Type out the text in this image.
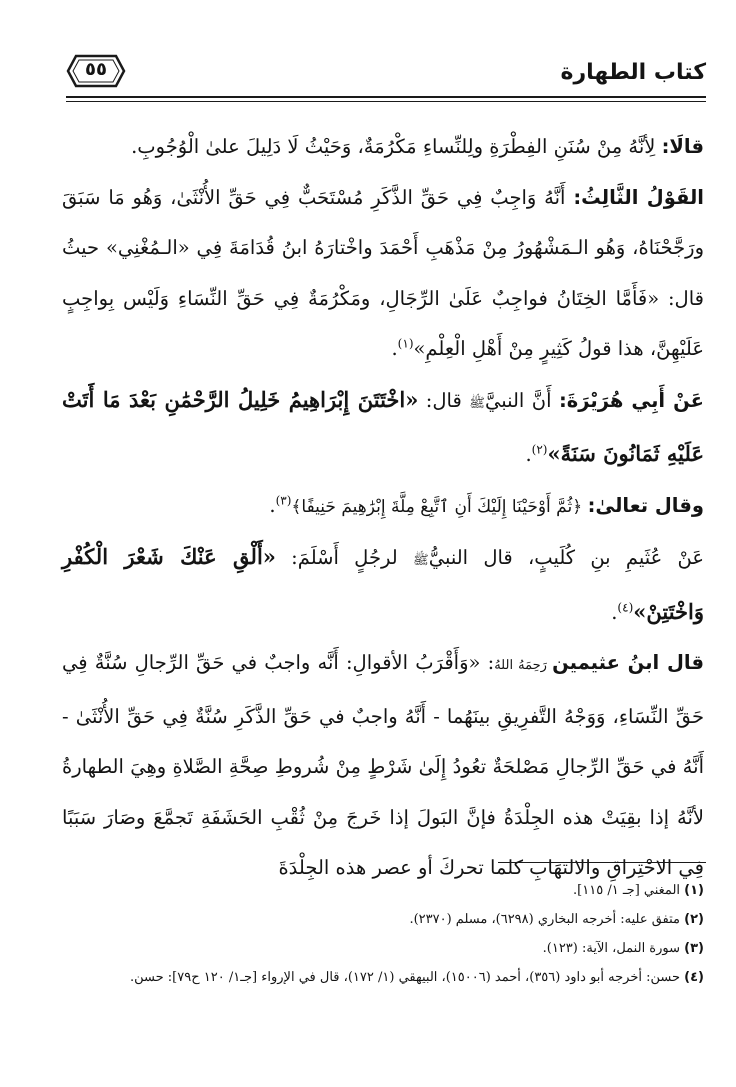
كتاب الطهارة
٥٥

قالَا: لِأنَّهُ مِنْ سُنَنِ الفِطْرَةِ ولِلنِّساءِ مَكْرُمَةٌ، وَحَيْثُ لَا دَلِيلَ علىٰ الْوُجُوبِ.

القَوْلُ الثَّالِثُ: أَنَّهُ وَاجِبٌ فِي حَقِّ الذَّكَرِ مُسْتَحَبٌّ فِي حَقِّ الأُنْثَىٰ، وَهُو مَا سَبَقَ ورَجَّحْنَاهُ، وَهُو الـمَشْهُورُ مِنْ مَذْهَبِ أَحْمَدَ واخْتارَهُ ابنُ قُدَامَةَ فِي «الـمُغْنِي» حيثُ قال: «فَأَمَّا الخِتَانُ فواجِبٌ عَلَىٰ الرِّجَالِ، ومَكْرُمَةٌ فِي حَقِّ النِّسَاءِ وَلَيْس بِواجِبٍ عَلَيْهِنَّ، هذا قولُ كَثِيرٍ مِنْ أَهْلِ الْعِلْمِ»$^{(١)}$.

عَنْ أَبِي هُرَيْرَةَ: أَنَّ النبيَّﷺ قال: «اخْتَتَنَ إِبْرَاهِيمُ خَلِيلُ الرَّحْمَٰنِ بَعْدَ مَا أَتَتْ عَلَيْهِ ثَمَانُونَ سَنَةً»$^{(٢)}$.

وقال تعالىٰ: ﴿ثُمَّ أَوْحَيْنَا إِلَيْكَ أَنِ ٱتَّبِعْ مِلَّةَ إِبْرَٰهِيمَ حَنِيفًا﴾$^{(٣)}$.

عَنْ عُثَيمِ بنِ كُلَيبٍ، قال النبيُّﷺ لرجُلٍ أَسْلَمَ: «أَلْقِ عَنْكَ شَعْرَ الْكُفْرِ وَاخْتَتِنْ»$^{(٤)}$.

قال ابنُ عثيمين رَحِمَهُ اللهُ: «وَأَقْرَبُ الأقوالِ: أَنَّه واجبٌ في حَقِّ الرِّجالِ سُنَّةٌ فِي حَقِّ النِّسَاءِ، وَوَجْهُ التَّفرِيقِ بينَهُما - أَنَّهُ واجبٌ في حَقِّ الذَّكَرِ سُنَّةٌ فِي حَقِّ الأُنْثَىٰ - أَنَّهُ في حَقِّ الرِّجالِ مَصْلحَةٌ تعُودُ إِلَىٰ شَرْطٍ مِنْ شُروطِ صِحَّةِ الصَّلاةِ وهِيَ الطهارةُ لأنَّهُ إذا بقِيَتْ هذه الجِلْدَةُ فإنَّ البَولَ إذا خَرجَ مِنْ ثُقْبِ الحَشَفَةِ تَجمَّعَ وصَارَ سَبَبًا فِي الاحْتِراقِ والالتهَابِ كلما تحركَ أو عصر هذه الجِلْدَةَ

(١) المغني [جـ ١/ ١١٥].

(٢) متفق عليه: أخرجه البخاري (٦٢٩٨)، مسلم (٢٣٧٠).

(٣) سورة النمل، الآية: (١٢٣).

(٤) حسن: أخرجه أبو داود (٣٥٦)، أحمد (١٥٠٠٦)، البيهقي (١/ ١٧٢)، قال في الإرواء [جـ١/ ١٢٠ ح٧٩]: حسن.
